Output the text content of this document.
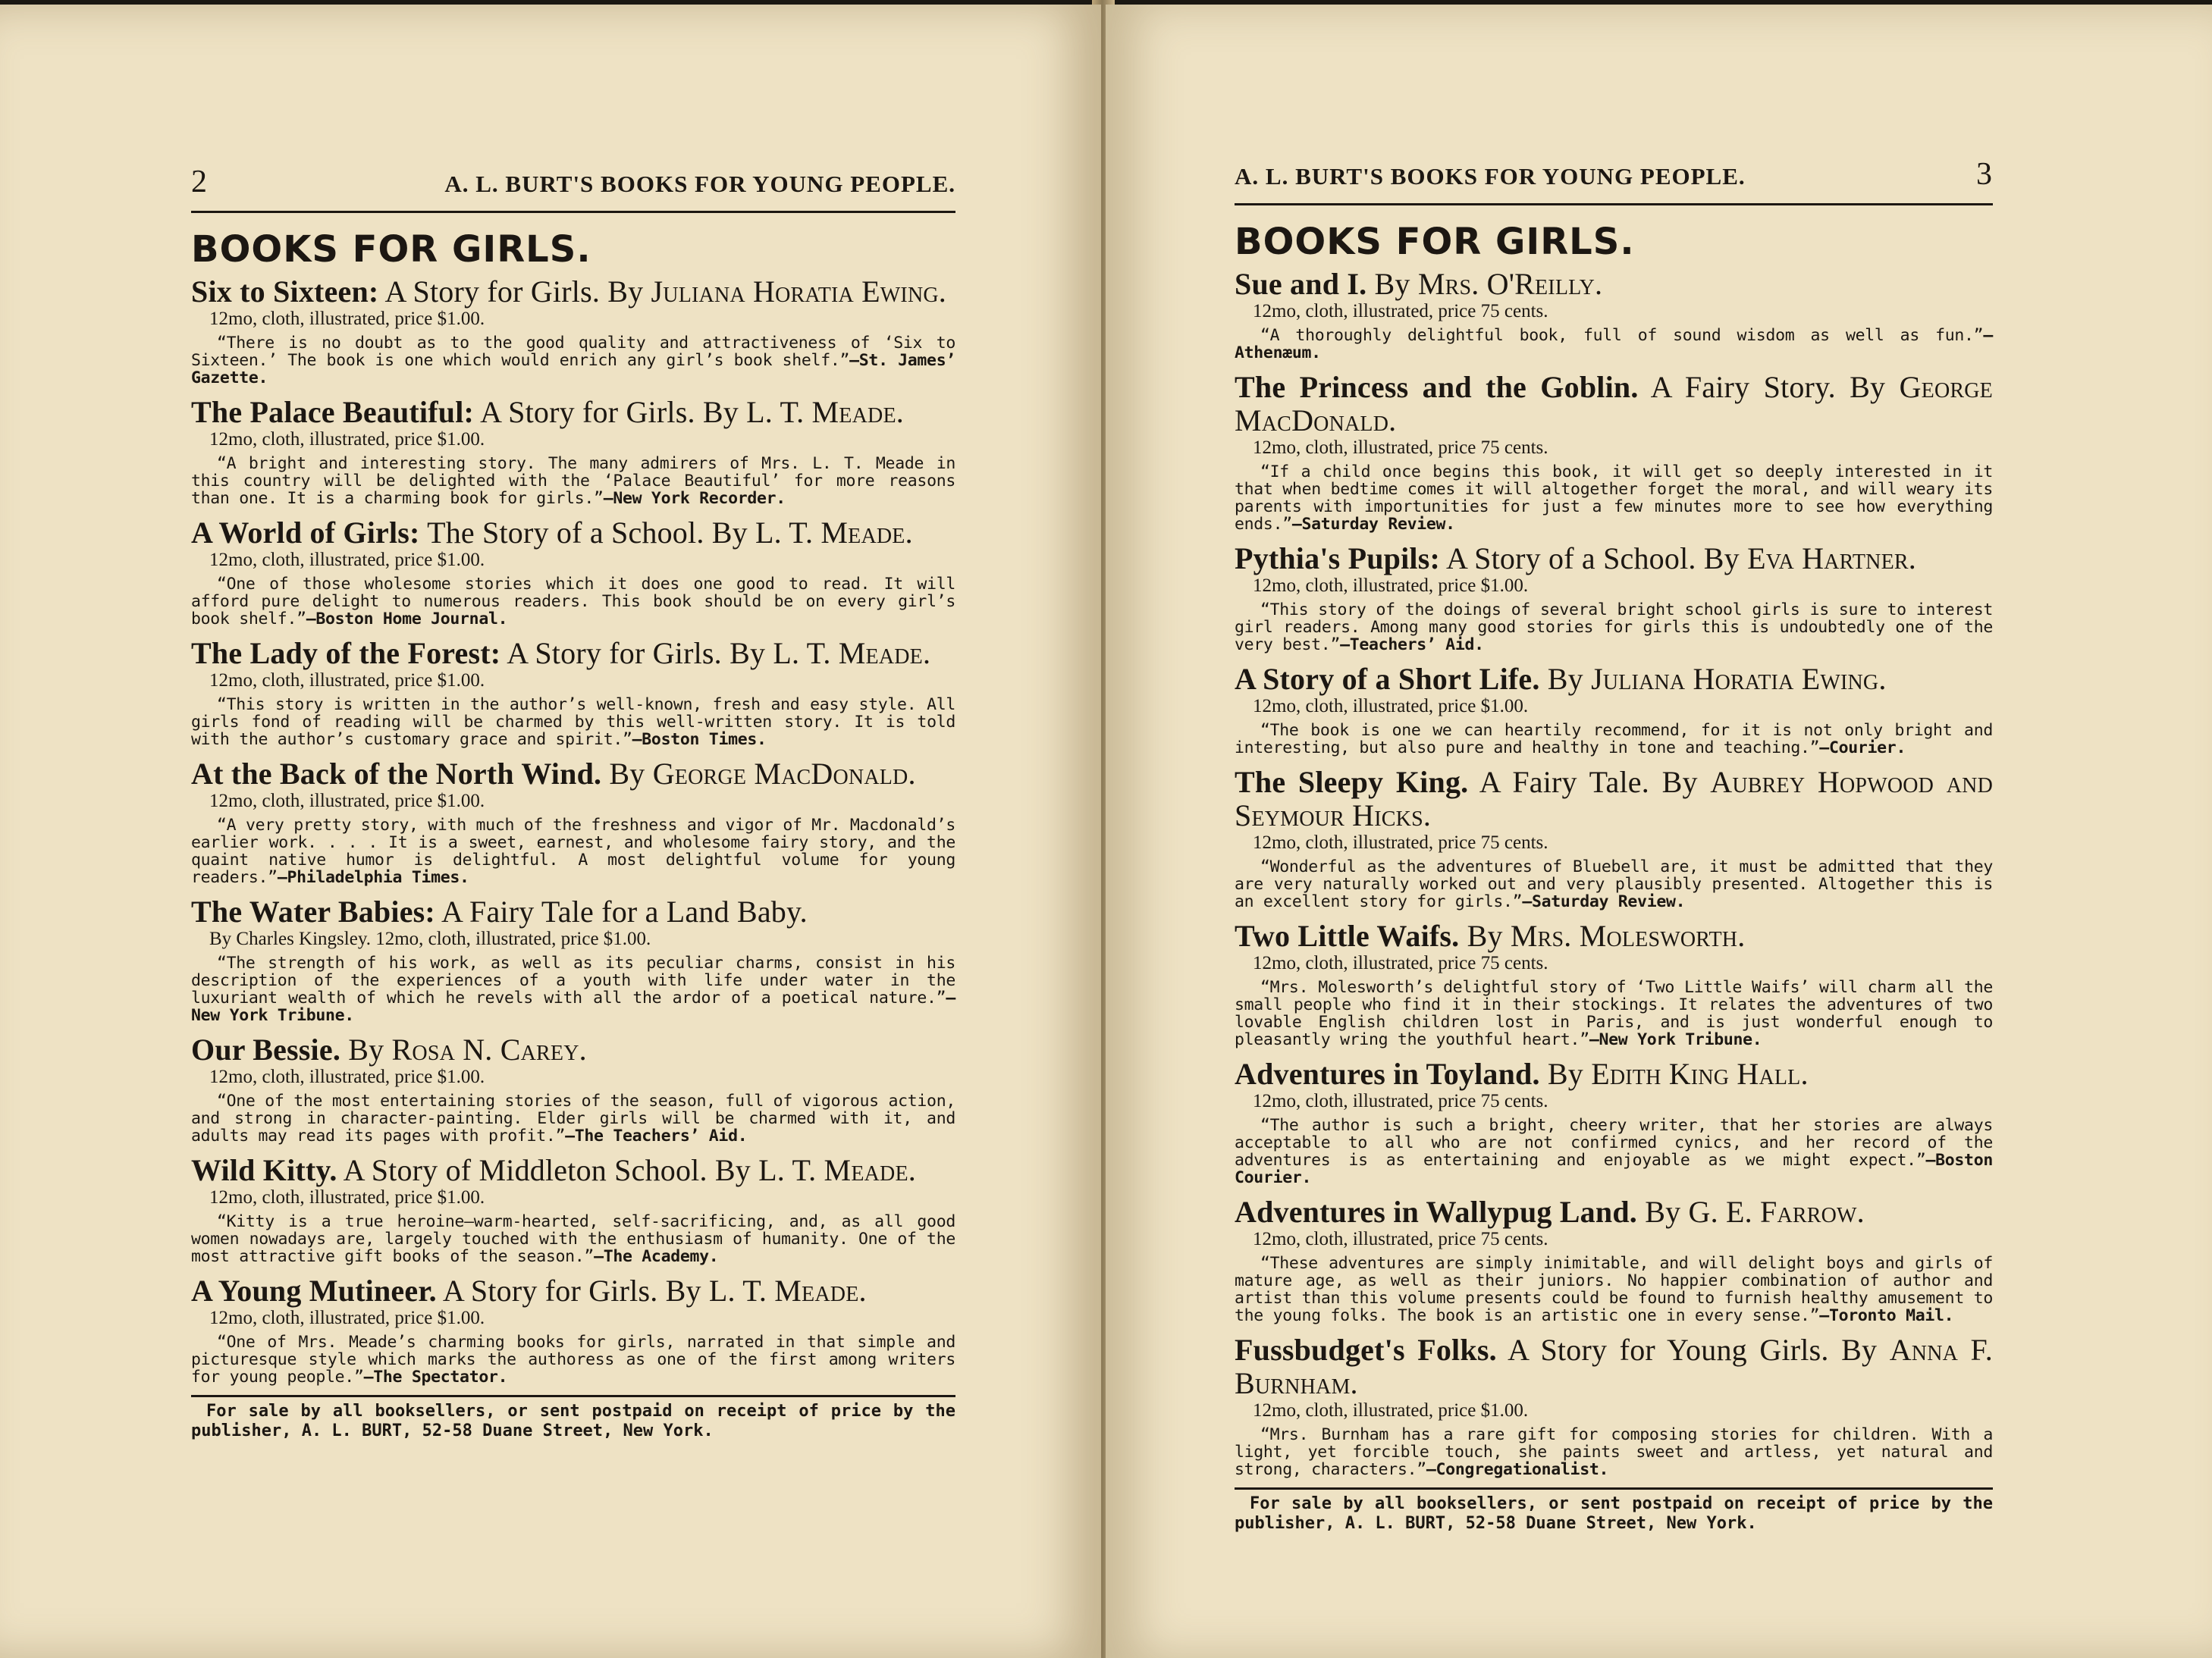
2	A. L. BURT'S BOOKS FOR YOUNG PEOPLE.
BOOKS FOR GIRLS.
Six to Sixteen: A Story for Girls. By Juliana Horatia Ewing.
12mo, cloth, illustrated, price $1.00.
“There is no doubt as to the good quality and attractiveness of ‘Six to Sixteen.’ The book is one which would enrich any girl’s book shelf.”—St. James’ Gazette.
The Palace Beautiful: A Story for Girls. By L. T. Meade.
12mo, cloth, illustrated, price $1.00.
“A bright and interesting story. The many admirers of Mrs. L. T. Meade in this country will be delighted with the ‘Palace Beautiful’ for more reasons than one. It is a charming book for girls.”—New York Recorder.
A World of Girls: The Story of a School. By L. T. Meade.
12mo, cloth, illustrated, price $1.00.
“One of those wholesome stories which it does one good to read. It will afford pure delight to numerous readers. This book should be on every girl’s book shelf.”—Boston Home Journal.
The Lady of the Forest: A Story for Girls. By L. T. Meade.
12mo, cloth, illustrated, price $1.00.
“This story is written in the author’s well-known, fresh and easy style. All girls fond of reading will be charmed by this well-written story. It is told with the author’s customary grace and spirit.”—Boston Times.
At the Back of the North Wind. By George MacDonald.
12mo, cloth, illustrated, price $1.00.
“A very pretty story, with much of the freshness and vigor of Mr. Macdonald’s earlier work. . . . It is a sweet, earnest, and wholesome fairy story, and the quaint native humor is delightful. A most delightful volume for young readers.”—Philadelphia Times.
The Water Babies: A Fairy Tale for a Land Baby.
By Charles Kingsley. 12mo, cloth, illustrated, price $1.00.
“The strength of his work, as well as its peculiar charms, consist in his description of the experiences of a youth with life under water in the luxuriant wealth of which he revels with all the ardor of a poetical nature.”—New York Tribune.
Our Bessie. By Rosa N. Carey.
12mo, cloth, illustrated, price $1.00.
“One of the most entertaining stories of the season, full of vigorous action, and strong in character-painting. Elder girls will be charmed with it, and adults may read its pages with profit.”—The Teachers’ Aid.
Wild Kitty. A Story of Middleton School. By L. T. Meade.
12mo, cloth, illustrated, price $1.00.
“Kitty is a true heroine—warm-hearted, self-sacrificing, and, as all good women nowadays are, largely touched with the enthusiasm of humanity. One of the most attractive gift books of the season.”—The Academy.
A Young Mutineer. A Story for Girls. By L. T. Meade.
12mo, cloth, illustrated, price $1.00.
“One of Mrs. Meade’s charming books for girls, narrated in that simple and picturesque style which marks the authoress as one of the first among writers for young people.”—The Spectator.
For sale by all booksellers, or sent postpaid on receipt of price by the publisher, A. L. BURT, 52-58 Duane Street, New York.
A. L. BURT'S BOOKS FOR YOUNG PEOPLE.	3
BOOKS FOR GIRLS.
Sue and I. By Mrs. O'Reilly.
12mo, cloth, illustrated, price 75 cents.
“A thoroughly delightful book, full of sound wisdom as well as fun.”—Athenæum.
The Princess and the Goblin. A Fairy Story. By George MacDonald.
12mo, cloth, illustrated, price 75 cents.
“If a child once begins this book, it will get so deeply interested in it that when bedtime comes it will altogether forget the moral, and will weary its parents with importunities for just a few minutes more to see how everything ends.”—Saturday Review.
Pythia's Pupils: A Story of a School. By Eva Hartner.
12mo, cloth, illustrated, price $1.00.
“This story of the doings of several bright school girls is sure to interest girl readers. Among many good stories for girls this is undoubtedly one of the very best.”—Teachers’ Aid.
A Story of a Short Life. By Juliana Horatia Ewing.
12mo, cloth, illustrated, price $1.00.
“The book is one we can heartily recommend, for it is not only bright and interesting, but also pure and healthy in tone and teaching.”—Courier.
The Sleepy King. A Fairy Tale. By Aubrey Hopwood and Seymour Hicks.
12mo, cloth, illustrated, price 75 cents.
“Wonderful as the adventures of Bluebell are, it must be admitted that they are very naturally worked out and very plausibly presented. Altogether this is an excellent story for girls.”—Saturday Review.
Two Little Waifs. By Mrs. Molesworth.
12mo, cloth, illustrated, price 75 cents.
“Mrs. Molesworth’s delightful story of ‘Two Little Waifs’ will charm all the small people who find it in their stockings. It relates the adventures of two lovable English children lost in Paris, and is just wonderful enough to pleasantly wring the youthful heart.”—New York Tribune.
Adventures in Toyland. By Edith King Hall.
12mo, cloth, illustrated, price 75 cents.
“The author is such a bright, cheery writer, that her stories are always acceptable to all who are not confirmed cynics, and her record of the adventures is as entertaining and enjoyable as we might expect.”—Boston Courier.
Adventures in Wallypug Land. By G. E. Farrow.
12mo, cloth, illustrated, price 75 cents.
“These adventures are simply inimitable, and will delight boys and girls of mature age, as well as their juniors. No happier combination of author and artist than this volume presents could be found to furnish healthy amusement to the young folks. The book is an artistic one in every sense.”—Toronto Mail.
Fussbudget's Folks. A Story for Young Girls. By Anna F. Burnham.
12mo, cloth, illustrated, price $1.00.
“Mrs. Burnham has a rare gift for composing stories for children. With a light, yet forcible touch, she paints sweet and artless, yet natural and strong, characters.”—Congregationalist.
For sale by all booksellers, or sent postpaid on receipt of price by the publisher, A. L. BURT, 52-58 Duane Street, New York.
